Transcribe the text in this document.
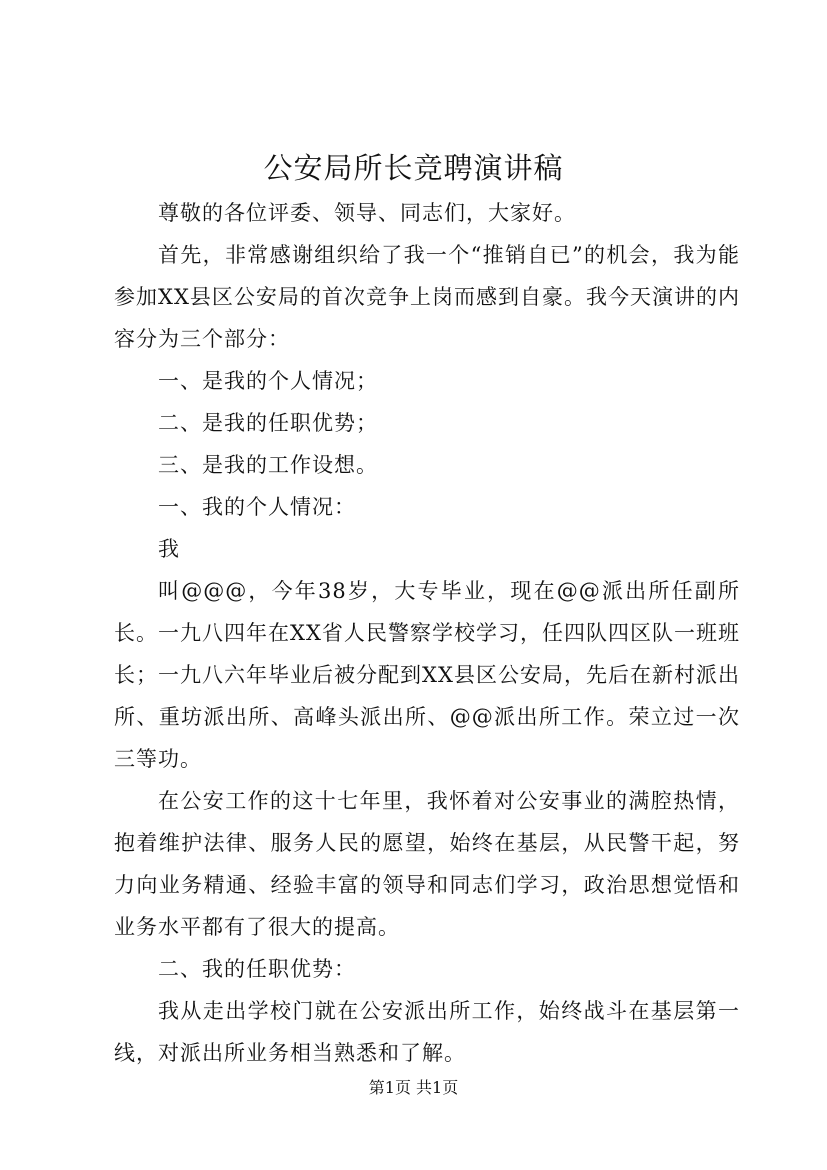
公安局所长竞聘演讲稿

尊敬的各位评委、领导、同志们，大家好。

首先，非常感谢组织给了我一个“推销自已”的机会，我为能参加XX县区公安局的首次竞争上岗而感到自豪。我今天演讲的内容分为三个部分：

一、是我的个人情况；

二、是我的任职优势；

三、是我的工作设想。

一、我的个人情况：

我

叫@@@，今年38岁，大专毕业，现在@@派出所任副所长。一九八四年在XX省人民警察学校学习，任四队四区队一班班长；一九八六年毕业后被分配到XX县区公安局，先后在新村派出所、重坊派出所、高峰头派出所、@@派出所工作。荣立过一次三等功。

在公安工作的这十七年里，我怀着对公安事业的满腔热情，抱着维护法律、服务人民的愿望，始终在基层，从民警干起，努力向业务精通、经验丰富的领导和同志们学习，政治思想觉悟和业务水平都有了很大的提高。

二、我的任职优势：

我从走出学校门就在公安派出所工作，始终战斗在基层第一线，对派出所业务相当熟悉和了解。

第1页 共1页
